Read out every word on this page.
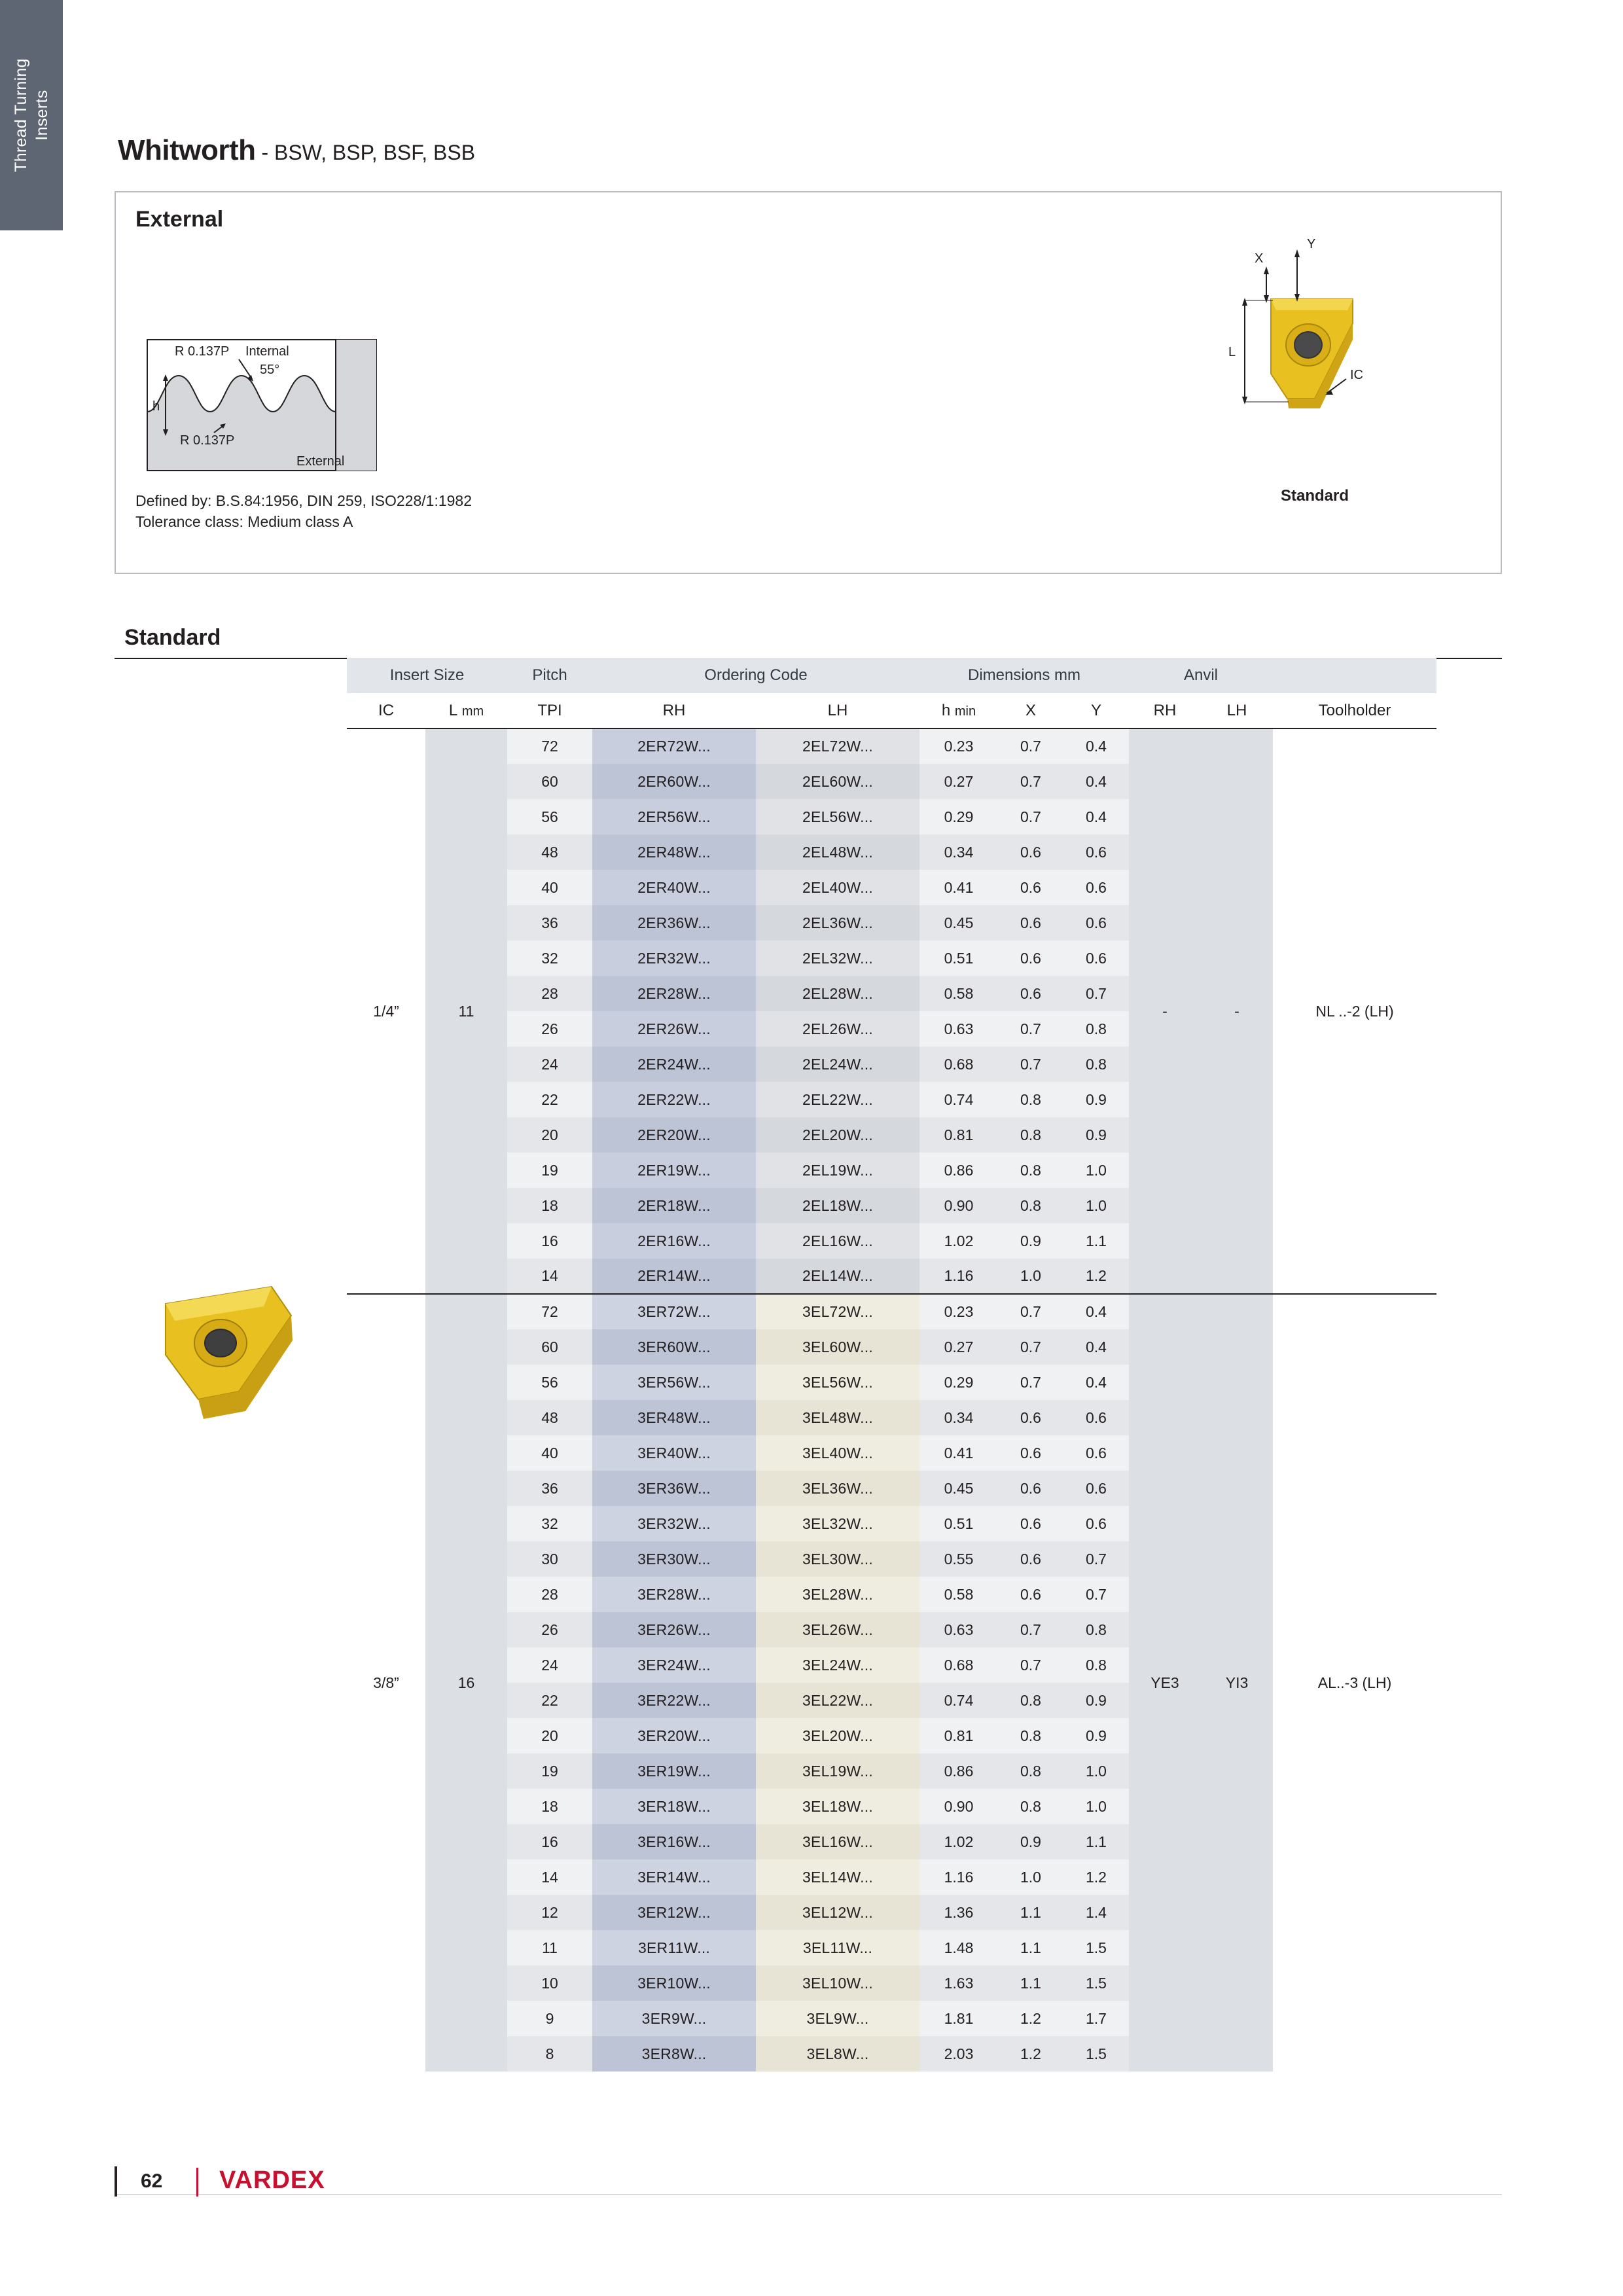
Thread Turning Inserts
Whitworth - BSW, BSP, BSF, BSB
External
h
R 0.137P Internal
55°
R 0.137P
External
Defined by: B.S.84:1956, DIN 259, ISO228/1:1982
Tolerance class: Medium class A
L
X
Y
IC
Standard
Standard
Insert Size		Pitch	Ordering Code		Dimensions mm			Anvil		
IC	L mm	TPI	RH	LH	h min	X	Y	RH	LH	Toolholder
1/4”	11	72	2ER72W...	2EL72W...	0.23	0.7	0.4	-	-	NL ..-2 (LH)
		60	2ER60W...	2EL60W...	0.27	0.7	0.4			
		56	2ER56W...	2EL56W...	0.29	0.7	0.4			
		48	2ER48W...	2EL48W...	0.34	0.6	0.6			
		40	2ER40W...	2EL40W...	0.41	0.6	0.6			
		36	2ER36W...	2EL36W...	0.45	0.6	0.6			
		32	2ER32W...	2EL32W...	0.51	0.6	0.6			
		28	2ER28W...	2EL28W...	0.58	0.6	0.7			
		26	2ER26W...	2EL26W...	0.63	0.7	0.8			
		24	2ER24W...	2EL24W...	0.68	0.7	0.8			
		22	2ER22W...	2EL22W...	0.74	0.8	0.9			
		20	2ER20W...	2EL20W...	0.81	0.8	0.9			
		19	2ER19W...	2EL19W...	0.86	0.8	1.0			
		18	2ER18W...	2EL18W...	0.90	0.8	1.0			
		16	2ER16W...	2EL16W...	1.02	0.9	1.1			
		14	2ER14W...	2EL14W...	1.16	1.0	1.2			
3/8”	16	72	3ER72W...	3EL72W...	0.23	0.7	0.4	YE3	YI3	AL..-3 (LH)
		60	3ER60W...	3EL60W...	0.27	0.7	0.4			
		56	3ER56W...	3EL56W...	0.29	0.7	0.4			
		48	3ER48W...	3EL48W...	0.34	0.6	0.6			
		40	3ER40W...	3EL40W...	0.41	0.6	0.6			
		36	3ER36W...	3EL36W...	0.45	0.6	0.6			
		32	3ER32W...	3EL32W...	0.51	0.6	0.6			
		30	3ER30W...	3EL30W...	0.55	0.6	0.7			
		28	3ER28W...	3EL28W...	0.58	0.6	0.7			
		26	3ER26W...	3EL26W...	0.63	0.7	0.8			
		24	3ER24W...	3EL24W...	0.68	0.7	0.8			
		22	3ER22W...	3EL22W...	0.74	0.8	0.9			
		20	3ER20W...	3EL20W...	0.81	0.8	0.9			
		19	3ER19W...	3EL19W...	0.86	0.8	1.0			
		18	3ER18W...	3EL18W...	0.90	0.8	1.0			
		16	3ER16W...	3EL16W...	1.02	0.9	1.1			
		14	3ER14W...	3EL14W...	1.16	1.0	1.2			
		12	3ER12W...	3EL12W...	1.36	1.1	1.4			
		11	3ER11W...	3EL11W...	1.48	1.1	1.5			
		10	3ER10W...	3EL10W...	1.63	1.1	1.5			
		9	3ER9W...	3EL9W...	1.81	1.2	1.7			
		8	3ER8W...	3EL8W...	2.03	1.2	1.5			
62 VARDEX
